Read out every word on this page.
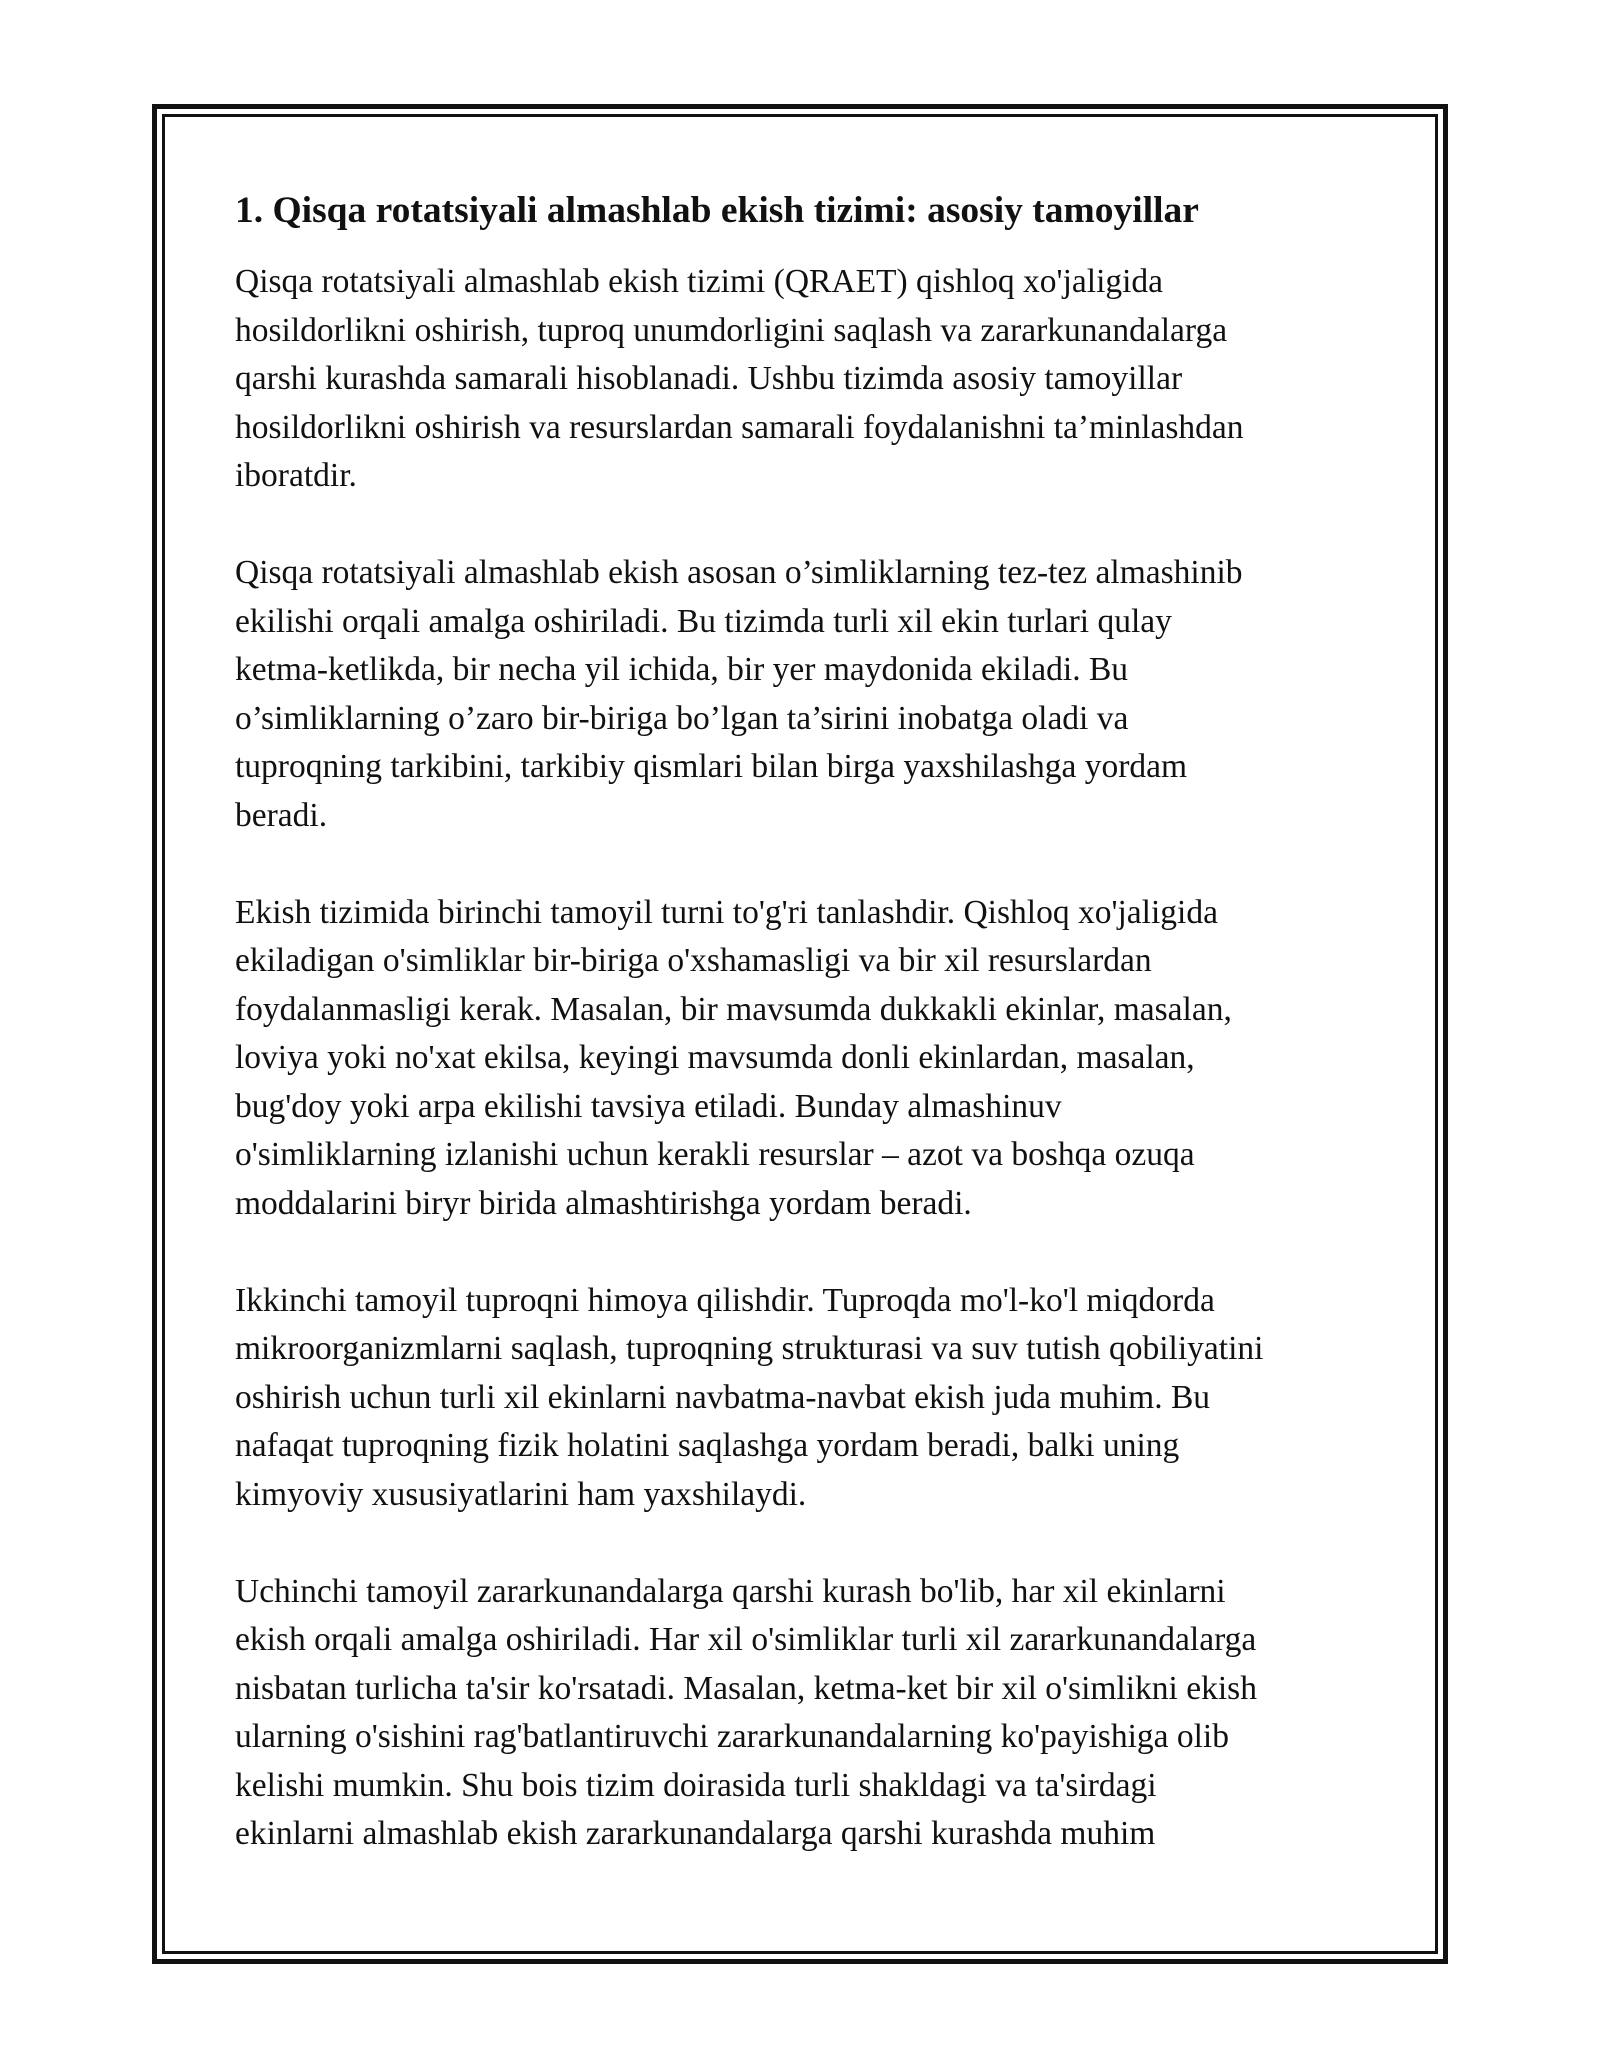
1. Qisqa rotatsiyali almashlab ekish tizimi: asosiy tamoyillar

Qisqa rotatsiyali almashlab ekish tizimi (QRAET) qishloq xo'jaligida
hosildorlikni oshirish, tuproq unumdorligini saqlash va zararkunandalarga
qarshi kurashda samarali hisoblanadi. Ushbu tizimda asosiy tamoyillar
hosildorlikni oshirish va resurslardan samarali foydalanishni ta’minlashdan
iboratdir.

Qisqa rotatsiyali almashlab ekish asosan o’simliklarning tez-tez almashinib
ekilishi orqali amalga oshiriladi. Bu tizimda turli xil ekin turlari qulay
ketma-ketlikda, bir necha yil ichida, bir yer maydonida ekiladi. Bu
o’simliklarning o’zaro bir-biriga bo’lgan ta’sirini inobatga oladi va
tuproqning tarkibini, tarkibiy qismlari bilan birga yaxshilashga yordam
beradi.

Ekish tizimida birinchi tamoyil turni to'g'ri tanlashdir. Qishloq xo'jaligida
ekiladigan o'simliklar bir-biriga o'xshamasligi va bir xil resurslardan
foydalanmasligi kerak. Masalan, bir mavsumda dukkakli ekinlar, masalan,
loviya yoki no'xat ekilsa, keyingi mavsumda donli ekinlardan, masalan,
bug'doy yoki arpa ekilishi tavsiya etiladi. Bunday almashinuv
o'simliklarning izlanishi uchun kerakli resurslar – azot va boshqa ozuqa
moddalarini biryr birida almashtirishga yordam beradi.

Ikkinchi tamoyil tuproqni himoya qilishdir. Tuproqda mo'l-ko'l miqdorda
mikroorganizmlarni saqlash, tuproqning strukturasi va suv tutish qobiliyatini
oshirish uchun turli xil ekinlarni navbatma-navbat ekish juda muhim. Bu
nafaqat tuproqning fizik holatini saqlashga yordam beradi, balki uning
kimyoviy xususiyatlarini ham yaxshilaydi.

Uchinchi tamoyil zararkunandalarga qarshi kurash bo'lib, har xil ekinlarni
ekish orqali amalga oshiriladi. Har xil o'simliklar turli xil zararkunandalarga
nisbatan turlicha ta'sir ko'rsatadi. Masalan, ketma-ket bir xil o'simlikni ekish
ularning o'sishini rag'batlantiruvchi zararkunandalarning ko'payishiga olib
kelishi mumkin. Shu bois tizim doirasida turli shakldagi va ta'sirdagi
ekinlarni almashlab ekish zararkunandalarga qarshi kurashda muhim
